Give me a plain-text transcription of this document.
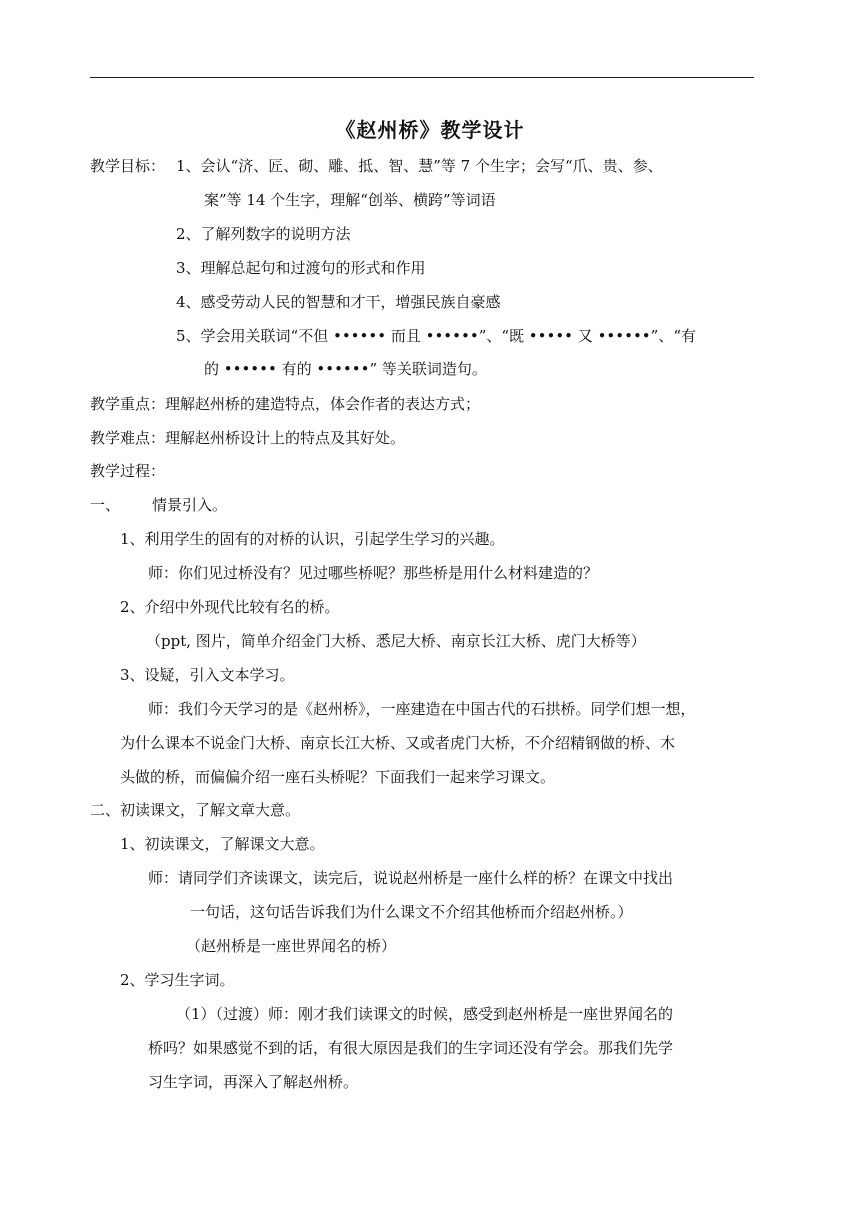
《赵州桥》教学设计
教学目标： 1、会认“济、匠、砌、雕、抵、智、慧”等 7 个生字；会写“爪、贵、参、
案”等 14 个生字，理解“创举、横跨”等词语
2、了解列数字的说明方法
3、理解总起句和过渡句的形式和作用
4、感受劳动人民的智慧和才干，增强民族自豪感
5、学会用关联词“不但 •••••• 而且 ••••••”、“既 ••••• 又 ••••••”、“有
的 •••••• 有的 ••••••” 等关联词造句。
教学重点：理解赵州桥的建造特点，体会作者的表达方式；
教学难点：理解赵州桥设计上的特点及其好处。
教学过程：
一、 情景引入。
1、利用学生的固有的对桥的认识，引起学生学习的兴趣。
师：你们见过桥没有？见过哪些桥呢？那些桥是用什么材料建造的？
2、介绍中外现代比较有名的桥。
（ppt, 图片，简单介绍金门大桥、悉尼大桥、南京长江大桥、虎门大桥等）
3、设疑，引入文本学习。
师：我们今天学习的是《赵州桥》，一座建造在中国古代的石拱桥。同学们想一想，
为什么课本不说金门大桥、南京长江大桥、又或者虎门大桥，不介绍精钢做的桥、木
头做的桥，而偏偏介绍一座石头桥呢？下面我们一起来学习课文。
二、初读课文，了解文章大意。
1、初读课文，了解课文大意。
师：请同学们齐读课文，读完后，说说赵州桥是一座什么样的桥？在课文中找出
一句话，这句话告诉我们为什么课文不介绍其他桥而介绍赵州桥。）
（赵州桥是一座世界闻名的桥）
2、学习生字词。
（1）（过渡）师：刚才我们读课文的时候，感受到赵州桥是一座世界闻名的
桥吗？如果感觉不到的话，有很大原因是我们的生字词还没有学会。那我们先学
习生字词，再深入了解赵州桥。
